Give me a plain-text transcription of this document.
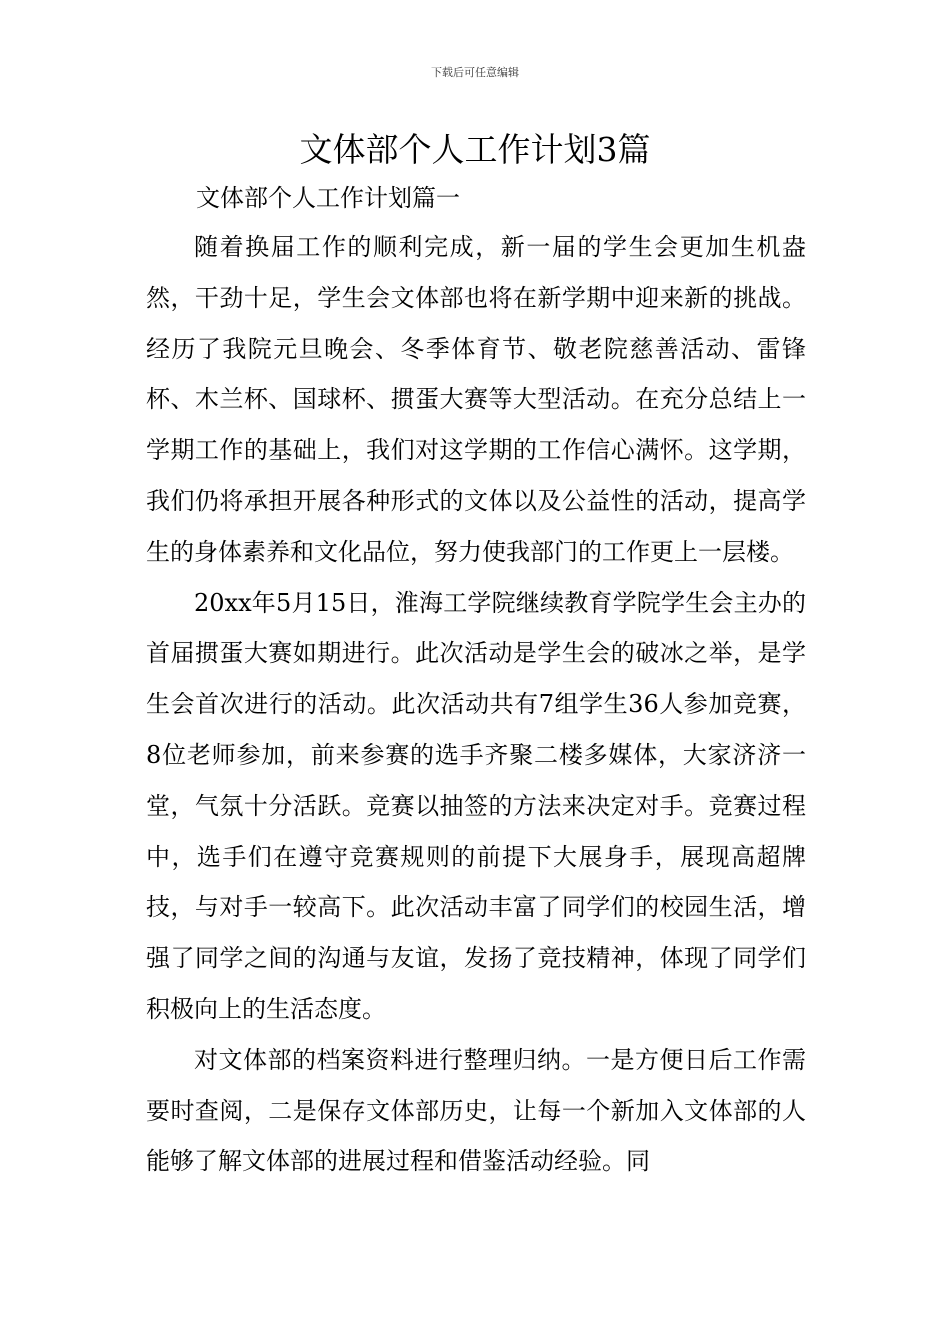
下载后可任意编辑
文体部个人工作计划3篇

文体部个人工作计划篇一

随着换届工作的顺利完成，新一届的学生会更加生机盎然，干劲十足，学生会文体部也将在新学期中迎来新的挑战。经历了我院元旦晚会、冬季体育节、敬老院慈善活动、雷锋杯、木兰杯、国球杯、掼蛋大赛等大型活动。在充分总结上一学期工作的基础上，我们对这学期的工作信心满怀。这学期，我们仍将承担开展各种形式的文体以及公益性的活动，提高学生的身体素养和文化品位，努力使我部门的工作更上一层楼。

20xx年5月15日，淮海工学院继续教育学院学生会主办的首届掼蛋大赛如期进行。此次活动是学生会的破冰之举，是学生会首次进行的活动。此次活动共有7组学生36人参加竞赛，8位老师参加，前来参赛的选手齐聚二楼多媒体，大家济济一堂，气氛十分活跃。竞赛以抽签的方法来决定对手。竞赛过程中，选手们在遵守竞赛规则的前提下大展身手，展现高超牌技，与对手一较高下。此次活动丰富了同学们的校园生活，增强了同学之间的沟通与友谊，发扬了竞技精神，体现了同学们积极向上的生活态度。

对文体部的档案资料进行整理归纳。一是方便日后工作需要时查阅，二是保存文体部历史，让每一个新加入文体部的人能够了解文体部的进展过程和借鉴活动经验。同
